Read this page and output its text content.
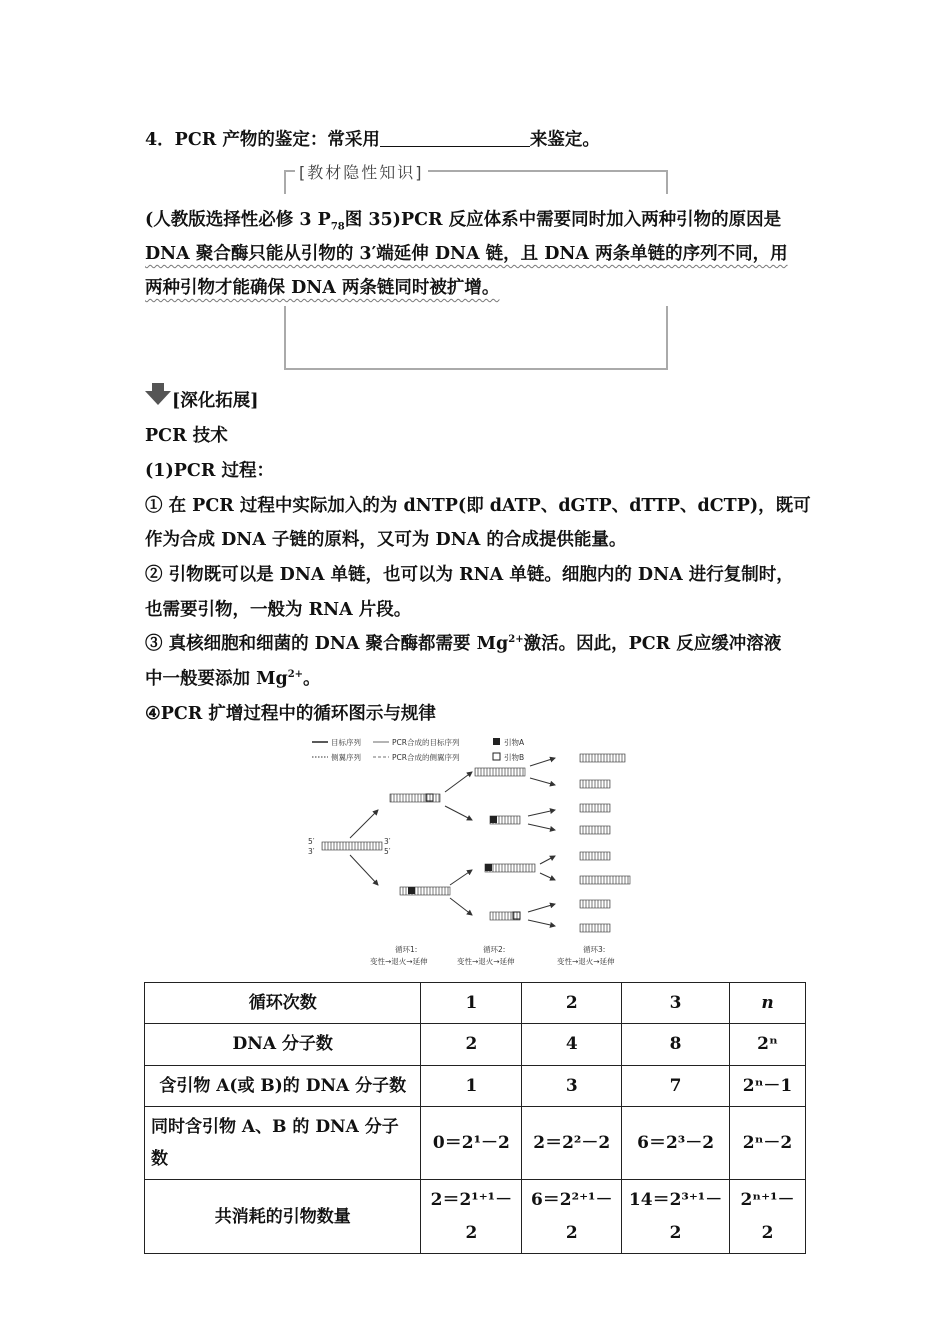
4．PCR 产物的鉴定：常采用	来鉴定。
[教材隐性知识]
(人教版选择性必修 3 $P_{78}$图 35)PCR 反应体系中需要同时加入两种引物的原因是
DNA 聚合酶只能从引物的 3′端延伸 DNA 链，且 DNA 两条单链的序列不同，用
两种引物才能确保 DNA 两条链同时被扩增。
[深化拓展]
PCR 技术
(1)PCR 过程：
① 在 PCR 过程中实际加入的为 dNTP(即 dATP、dGTP、dTTP、dCTP)，既可
作为合成 DNA 子链的原料，又可为 DNA 的合成提供能量。
② 引物既可以是 DNA 单链，也可以为 RNA 单链。细胞内的 DNA 进行复制时，
也需要引物，一般为 RNA 片段。
③ 真核细胞和细菌的 DNA 聚合酶都需要 $Mg^{2+}$激活。因此，PCR 反应缓冲溶液
中一般要添加 $Mg^{2+}$。
④PCR 扩增过程中的循环图示与规律
目标序列	PCR合成的目标序列	引物A
侧翼序列	PCR合成的侧翼序列	引物B
5′
3′
3′
5′
循环1:
变性→退火→延伸
循环2:
变性→退火→延伸
循环3:
变性→退火→延伸
循环次数	1	2	3	n
DNA 分子数	2	4	8	2ⁿ
含引物 A(或 B)的 DNA 分子数	1	3	7	2ⁿ－1
同时含引物 A、B 的 DNA 分子数	0＝2¹－2	2＝2²－2	6＝2³－2	2ⁿ－2
共消耗的引物数量	2＝2¹⁺¹－2	6＝2²⁺¹－2	14＝2³⁺¹－2	2ⁿ⁺¹－2
